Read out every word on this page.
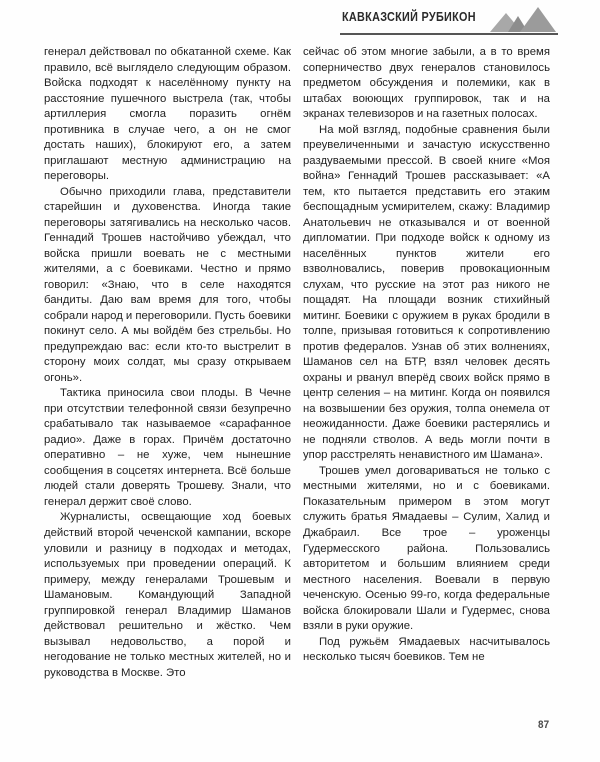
КАВКАЗСКИЙ РУБИКОН

генерал действовал по обкатанной схеме. Как правило, всё выглядело следующим образом. Войска подходят к населённому пункту на расстояние пушечного выстрела (так, чтобы артиллерия смогла поразить огнём противника в случае чего, а он не смог достать наших), блокируют его, а затем приглашают местную администрацию на переговоры.

Обычно приходили глава, представители старейшин и духовенства. Иногда такие переговоры затягивались на несколько часов. Геннадий Трошев настойчиво убеждал, что войска пришли воевать не с местными жителями, а с боевиками. Честно и прямо говорил: «Знаю, что в селе находятся бандиты. Даю вам время для того, чтобы собрали народ и переговорили. Пусть боевики покинут село. А мы войдём без стрельбы. Но предупреждаю вас: если кто-то выстрелит в сторону моих солдат, мы сразу открываем огонь».

Тактика приносила свои плоды. В Чечне при отсутствии телефонной связи безупречно срабатывало так называемое «сарафанное радио». Даже в горах. Причём достаточно оперативно – не хуже, чем нынешние сообщения в соцсетях интернета. Всё больше людей стали доверять Трошеву. Знали, что генерал держит своё слово.

Журналисты, освещающие ход боевых действий второй чеченской кампании, вскоре уловили и разницу в подходах и методах, используемых при проведении операций. К примеру, между генералами Трошевым и Шамановым. Командующий Западной группировкой генерал Владимир Шаманов действовал решительно и жёстко. Чем вызывал недовольство, а порой и негодование не только местных жителей, но и руководства в Москве. Это

сейчас об этом многие забыли, а в то время соперничество двух генералов становилось предметом обсуждения и полемики, как в штабах воюющих группировок, так и на экранах телевизоров и на газетных полосах.

На мой взгляд, подобные сравнения были преувеличенными и зачастую искусственно раздуваемыми прессой. В своей книге «Моя война» Геннадий Трошев рассказывает: «А тем, кто пытается представить его этаким беспощадным усмирителем, скажу: Владимир Анатольевич не отказывался и от военной дипломатии. При подходе войск к одному из населённых пунктов жители его взволновались, поверив провокационным слухам, что русские на этот раз никого не пощадят. На площади возник стихийный митинг. Боевики с оружием в руках бродили в толпе, призывая готовиться к сопротивлению против федералов. Узнав об этих волнениях, Шаманов сел на БТР, взял человек десять охраны и рванул вперёд своих войск прямо в центр селения – на митинг. Когда он появился на возвышении без оружия, толпа онемела от неожиданности. Даже боевики растерялись и не подняли стволов. А ведь могли почти в упор расстрелять ненавистного им Шамана».

Трошев умел договариваться не только с местными жителями, но и с боевиками. Показательным примером в этом могут служить братья Ямадаевы – Сулим, Халид и Джабраил. Все трое – уроженцы Гудермесского района. Пользовались авторитетом и большим влиянием среди местного населения. Воевали в первую чеченскую. Осенью 99-го, когда федеральные войска блокировали Шали и Гудермес, снова взяли в руки оружие.

Под ружьём Ямадаевых насчитывалось несколько тысяч боевиков. Тем не

87
